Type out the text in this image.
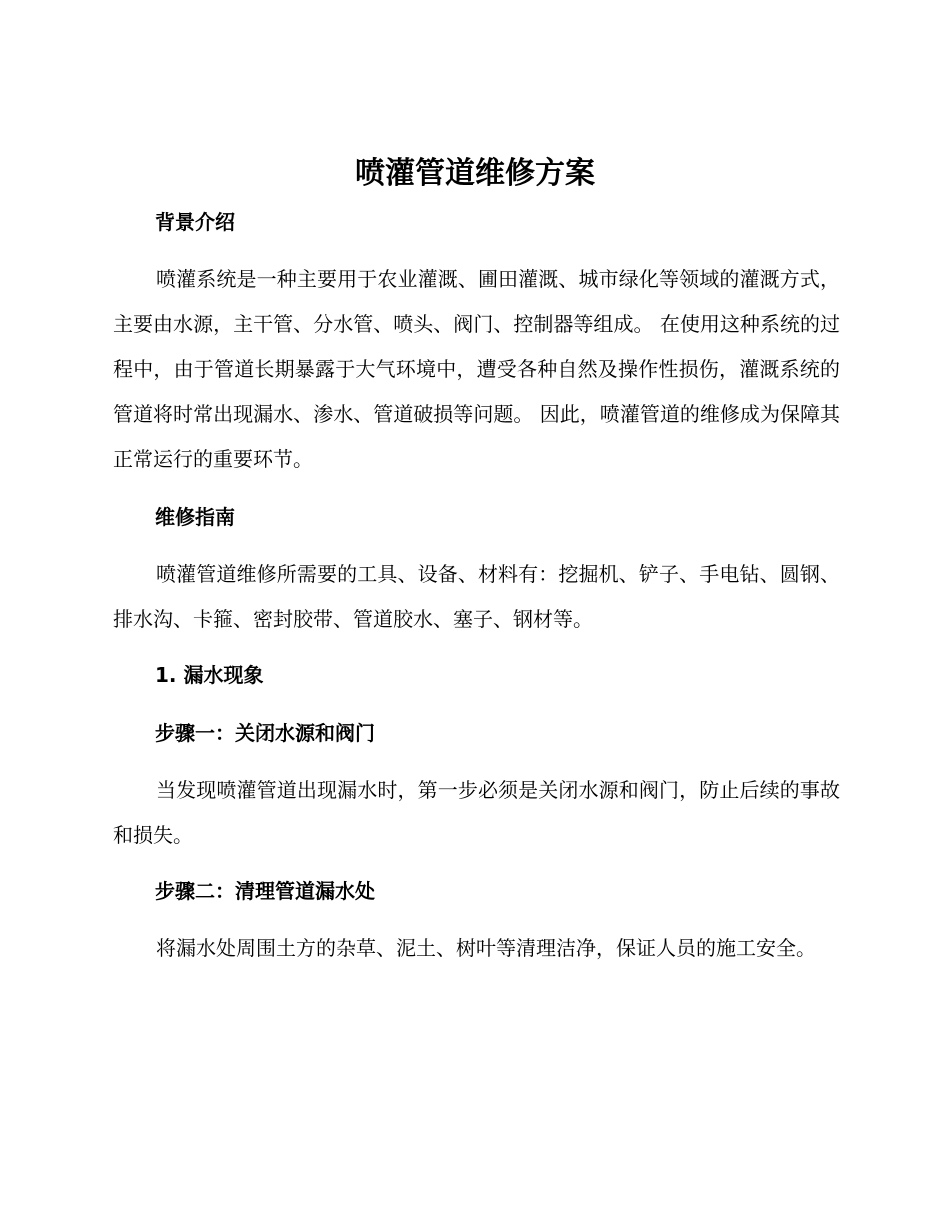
喷灌管道维修方案
背景介绍

喷灌系统是一种主要用于农业灌溉、圃田灌溉、城市绿化等领域的灌溉方式，主要由水源，主干管、分水管、喷头、阀门、控制器等组成。 在使用这种系统的过程中，由于管道长期暴露于大气环境中，遭受各种自然及操作性损伤，灌溉系统的管道将时常出现漏水、渗水、管道破损等问题。 因此，喷灌管道的维修成为保障其正常运行的重要环节。

维修指南

喷灌管道维修所需要的工具、设备、材料有：挖掘机、铲子、手电钻、圆钢、排水沟、卡箍、密封胶带、管道胶水、塞子、钢材等。

1. 漏水现象
步骤一：关闭水源和阀门

当发现喷灌管道出现漏水时，第一步必须是关闭水源和阀门，防止后续的事故和损失。

步骤二：清理管道漏水处

将漏水处周围土方的杂草、泥土、树叶等清理洁净，保证人员的施工安全。
